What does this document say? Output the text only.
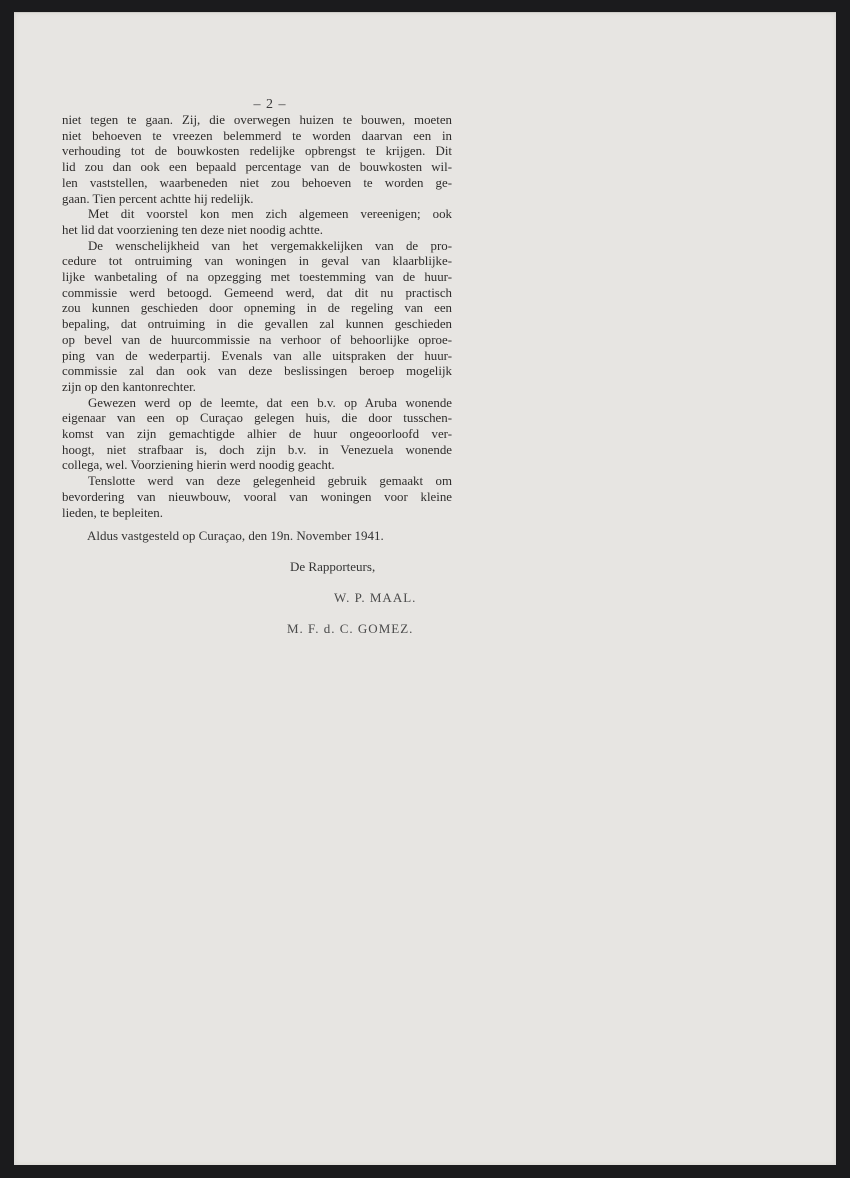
– 2 –
niet tegen te gaan. Zij, die overwegen huizen te bouwen, moeten
niet behoeven te vreezen belemmerd te worden daarvan een in
verhouding tot de bouwkosten redelijke opbrengst te krijgen. Dit
lid zou dan ook een bepaald percentage van de bouwkosten wil-
len vaststellen, waarbeneden niet zou behoeven te worden ge-
gaan. Tien percent achtte hij redelijk.
Met dit voorstel kon men zich algemeen vereenigen; ook
het lid dat voorziening ten deze niet noodig achtte.
De wenschelijkheid van het vergemakkelijken van de pro-
cedure tot ontruiming van woningen in geval van klaarblijke-
lijke wanbetaling of na opzegging met toestemming van de huur-
commissie werd betoogd. Gemeend werd, dat dit nu practisch
zou kunnen geschieden door opneming in de regeling van een
bepaling, dat ontruiming in die gevallen zal kunnen geschieden
op bevel van de huurcommissie na verhoor of behoorlijke oproe-
ping van de wederpartij. Evenals van alle uitspraken der huur-
commissie zal dan ook van deze beslissingen beroep mogelijk
zijn op den kantonrechter.
Gewezen werd op de leemte, dat een b.v. op Aruba wonende
eigenaar van een op Curaçao gelegen huis, die door tusschen-
komst van zijn gemachtigde alhier de huur ongeoorloofd ver-
hoogt, niet strafbaar is, doch zijn b.v. in Venezuela wonende
collega, wel. Voorziening hierin werd noodig geacht.
Tenslotte werd van deze gelegenheid gebruik gemaakt om
bevordering van nieuwbouw, vooral van woningen voor kleine
lieden, te bepleiten.
Aldus vastgesteld op Curaçao, den 19n. November 1941.
De Rapporteurs,
W. P. MAAL.
M. F. d. C. GOMEZ.
